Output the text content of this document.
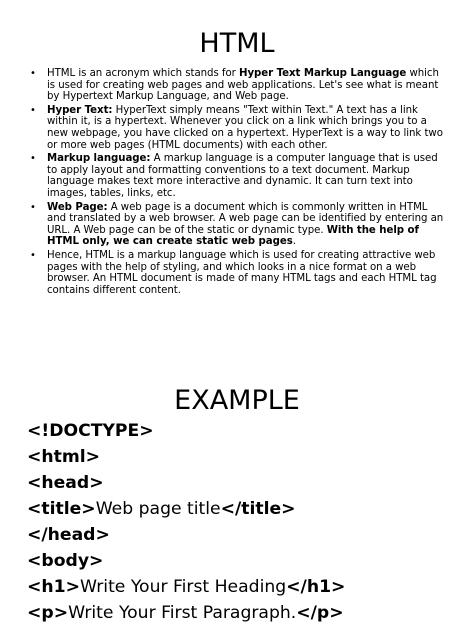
HTML
• HTML is an acronym which stands for Hyper Text Markup Language which is used for creating web pages and web applications. Let's see what is meant by Hypertext Markup Language, and Web page.
• Hyper Text: HyperText simply means "Text within Text." A text has a link within it, is a hypertext. Whenever you click on a link which brings you to a new webpage, you have clicked on a hypertext. HyperText is a way to link two or more web pages (HTML documents) with each other.
• Markup language: A markup language is a computer language that is used to apply layout and formatting conventions to a text document. Markup language makes text more interactive and dynamic. It can turn text into images, tables, links, etc.
• Web Page: A web page is a document which is commonly written in HTML and translated by a web browser. A web page can be identified by entering an URL. A Web page can be of the static or dynamic type. With the help of HTML only, we can create static web pages.
• Hence, HTML is a markup language which is used for creating attractive web pages with the help of styling, and which looks in a nice format on a web browser. An HTML document is made of many HTML tags and each HTML tag contains different content.
EXAMPLE
<!DOCTYPE>
<html>
<head>
<title>Web page title</title>
</head>
<body>
<h1>Write Your First Heading</h1>
<p>Write Your First Paragraph.</p>
